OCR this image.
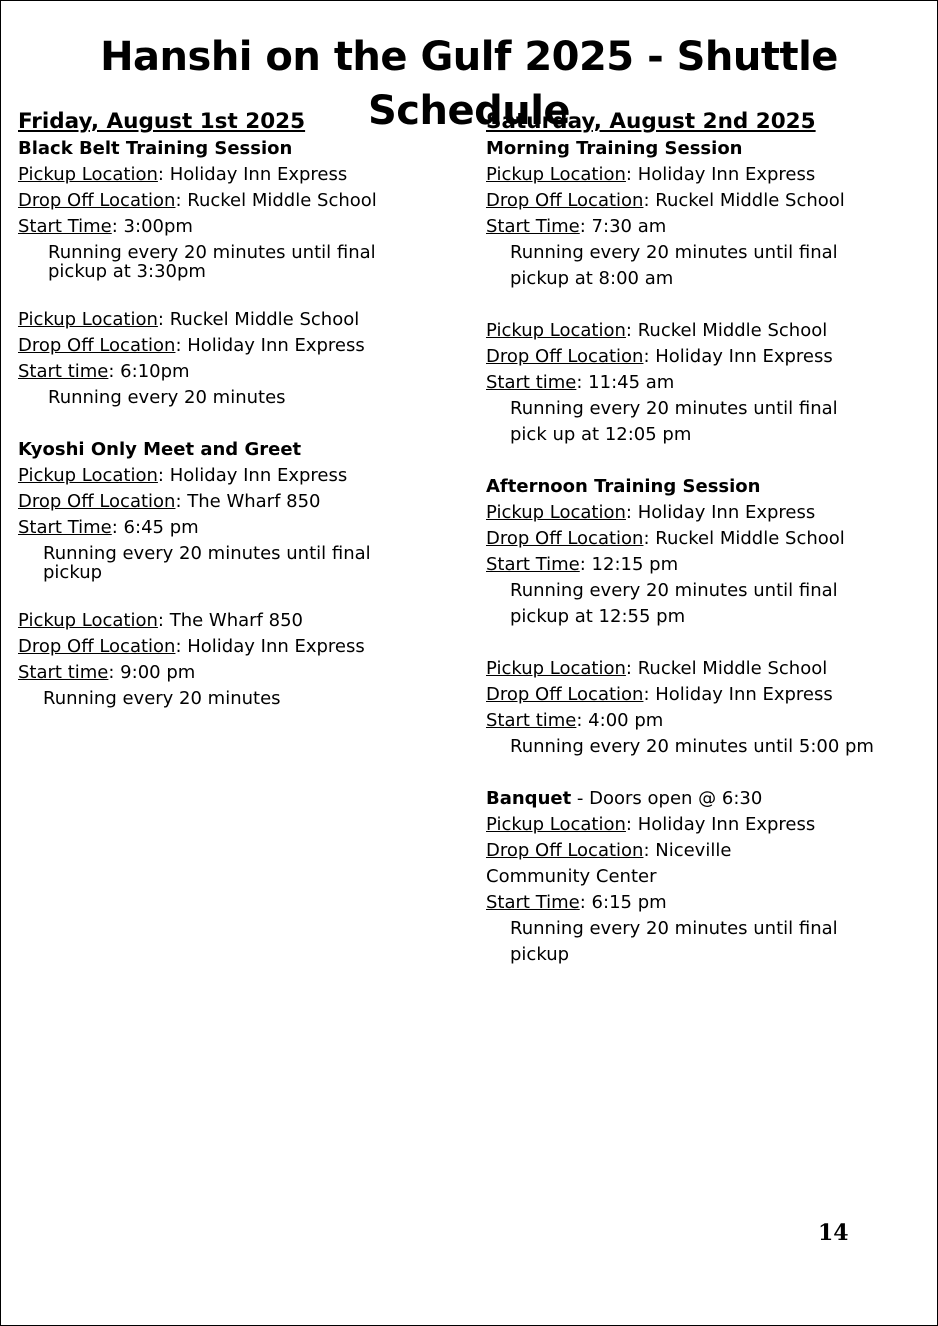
Hanshi on the Gulf 2025 - Shuttle Schedule

Friday, August 1st 2025

Black Belt Training Session

Pickup Location: Holiday Inn Express

Drop Off Location: Ruckel Middle School

Start Time: 3:00pm

Running every 20 minutes until final pickup at 3:30pm

Pickup Location: Ruckel Middle School

Drop Off Location: Holiday Inn Express

Start time: 6:10pm

Running every 20 minutes

Kyoshi Only Meet and Greet

Pickup Location: Holiday Inn Express

Drop Off Location: The Wharf 850

Start Time: 6:45 pm

Running every 20 minutes until final pickup

Pickup Location: The Wharf 850

Drop Off Location: Holiday Inn Express

Start time: 9:00 pm

Running every 20 minutes

Saturday, August 2nd 2025

Morning Training Session

Pickup Location: Holiday Inn Express

Drop Off Location: Ruckel Middle School

Start Time: 7:30 am

Running every 20 minutes until final

pickup at 8:00 am

Pickup Location: Ruckel Middle School

Drop Off Location: Holiday Inn Express

Start time: 11:45 am

Running every 20 minutes until final

pick up at 12:05 pm

Afternoon Training Session

Pickup Location: Holiday Inn Express

Drop Off Location: Ruckel Middle School

Start Time: 12:15 pm

Running every 20 minutes until final

pickup at 12:55 pm

Pickup Location: Ruckel Middle School

Drop Off Location: Holiday Inn Express

Start time: 4:00 pm

Running every 20 minutes until 5:00 pm

Banquet - Doors open @ 6:30

Pickup Location: Holiday Inn Express

Drop Off Location: Niceville Community Center

Start Time: 6:15 pm

Running every 20 minutes until final

pickup

14
